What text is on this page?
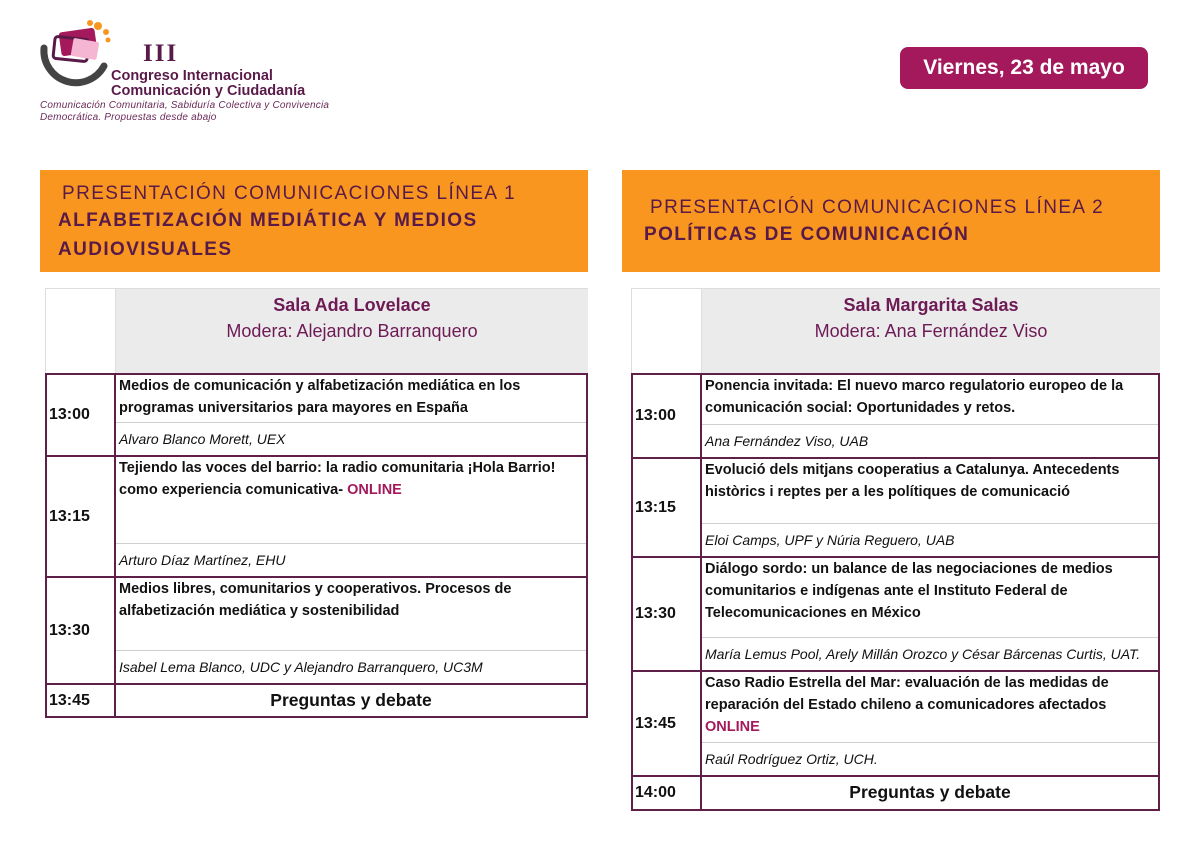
III
Congreso Internacional
Comunicación y Ciudadanía
Comunicación Comunitaria, Sabiduría Colectiva y Convivencia Democrática. Propuestas desde abajo
Viernes, 23 de mayo
PRESENTACIÓN COMUNICACIONES LÍNEA 1
ALFABETIZACIÓN MEDIÁTICA Y MEDIOS AUDIOVISUALES
PRESENTACIÓN COMUNICACIONES LÍNEA 2
POLÍTICAS DE COMUNICACIÓN
Sala Ada Lovelace
Modera: Alejandro Barranquero
13:00
Medios de comunicación y alfabetización mediática en los programas universitarios para mayores en España
Alvaro Blanco Morett, UEX
13:15
Tejiendo las voces del barrio: la radio comunitaria ¡Hola Barrio! como experiencia comunicativa- ONLINE
Arturo Díaz Martínez, EHU
13:30
Medios libres, comunitarios y cooperativos. Procesos de alfabetización mediática y sostenibilidad
Isabel Lema Blanco, UDC y Alejandro Barranquero, UC3M
13:45	Preguntas y debate
Sala Margarita Salas
Modera: Ana Fernández Viso
13:00
Ponencia invitada: El nuevo marco regulatorio europeo de la comunicación social: Oportunidades y retos.
Ana Fernández Viso, UAB
13:15
Evolució dels mitjans cooperatius a Catalunya. Antecedents històrics i reptes per a les polítiques de comunicació
Eloi Camps, UPF y Núria Reguero, UAB
13:30
Diálogo sordo: un balance de las negociaciones de medios comunitarios e indígenas ante el Instituto Federal de Telecomunicaciones en México
María Lemus Pool, Arely Millán Orozco y César Bárcenas Curtis, UAT.
13:45
Caso Radio Estrella del Mar: evaluación de las medidas de reparación del Estado chileno a comunicadores afectados ONLINE
Raúl Rodríguez Ortiz, UCH.
14:00	Preguntas y debate
